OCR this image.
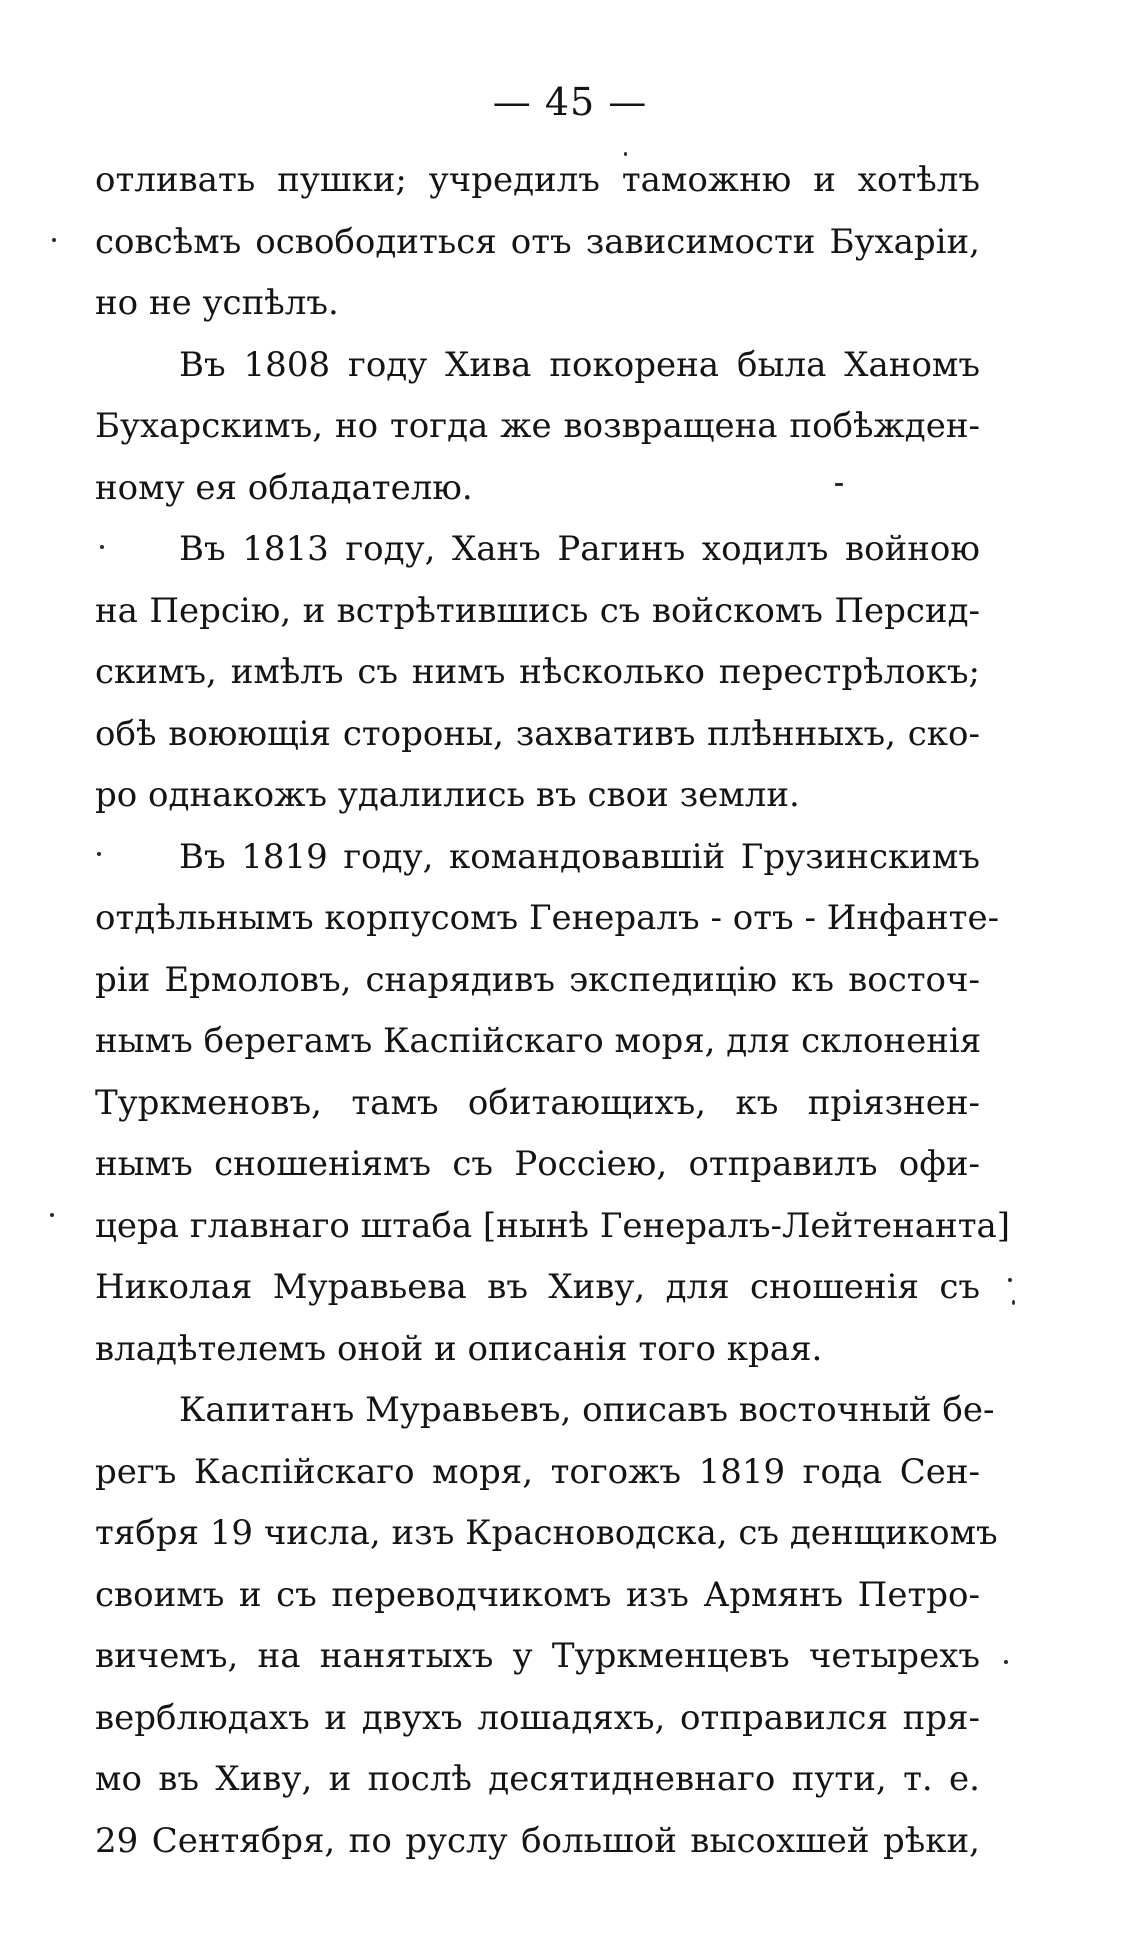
— 45 —
отливать пушки; учредилъ таможню и хотѣлъ
совсѣмъ освободиться отъ зависимости Бухаріи,
но не успѣлъ.
Въ 1808 году Хива покорена была Ханомъ
Бухарскимъ, но тогда же возвращена побѣжден-
ному ея обладателю.
Въ 1813 году, Ханъ Рагинъ ходилъ войною
на Персію, и встрѣтившись съ войскомъ Персид-
скимъ, имѣлъ съ нимъ нѣсколько перестрѣлокъ;
обѣ воюющія стороны, захвативъ плѣнныхъ, ско-
ро однакожъ удалились въ свои земли.
Въ 1819 году, командовавшій Грузинскимъ
отдѣльнымъ корпусомъ Генералъ - отъ - Инфанте-
ріи Ермоловъ, снарядивъ экспедицію къ восточ-
нымъ берегамъ Каспійскаго моря, для склоненія
Туркменовъ, тамъ обитающихъ, къ пріязнен-
нымъ сношеніямъ съ Россіею, отправилъ офи-
цера главнаго штаба [нынѣ Генералъ-Лейтенанта]
Николая Муравьева въ Хиву, для сношенія съ
владѣтелемъ оной и описанія того края.
Капитанъ Муравьевъ, описавъ восточный бе-
регъ Каспійскаго моря, тогожъ 1819 года Сен-
тября 19 числа, изъ Красноводска, съ денщикомъ
своимъ и съ переводчикомъ изъ Армянъ Петро-
вичемъ, на нанятыхъ у Туркменцевъ четырехъ
верблюдахъ и двухъ лошадяхъ, отправился пря-
мо въ Хиву, и послѣ десятидневнаго пути, т. е.
29 Сентября, по руслу большой высохшей рѣки,
